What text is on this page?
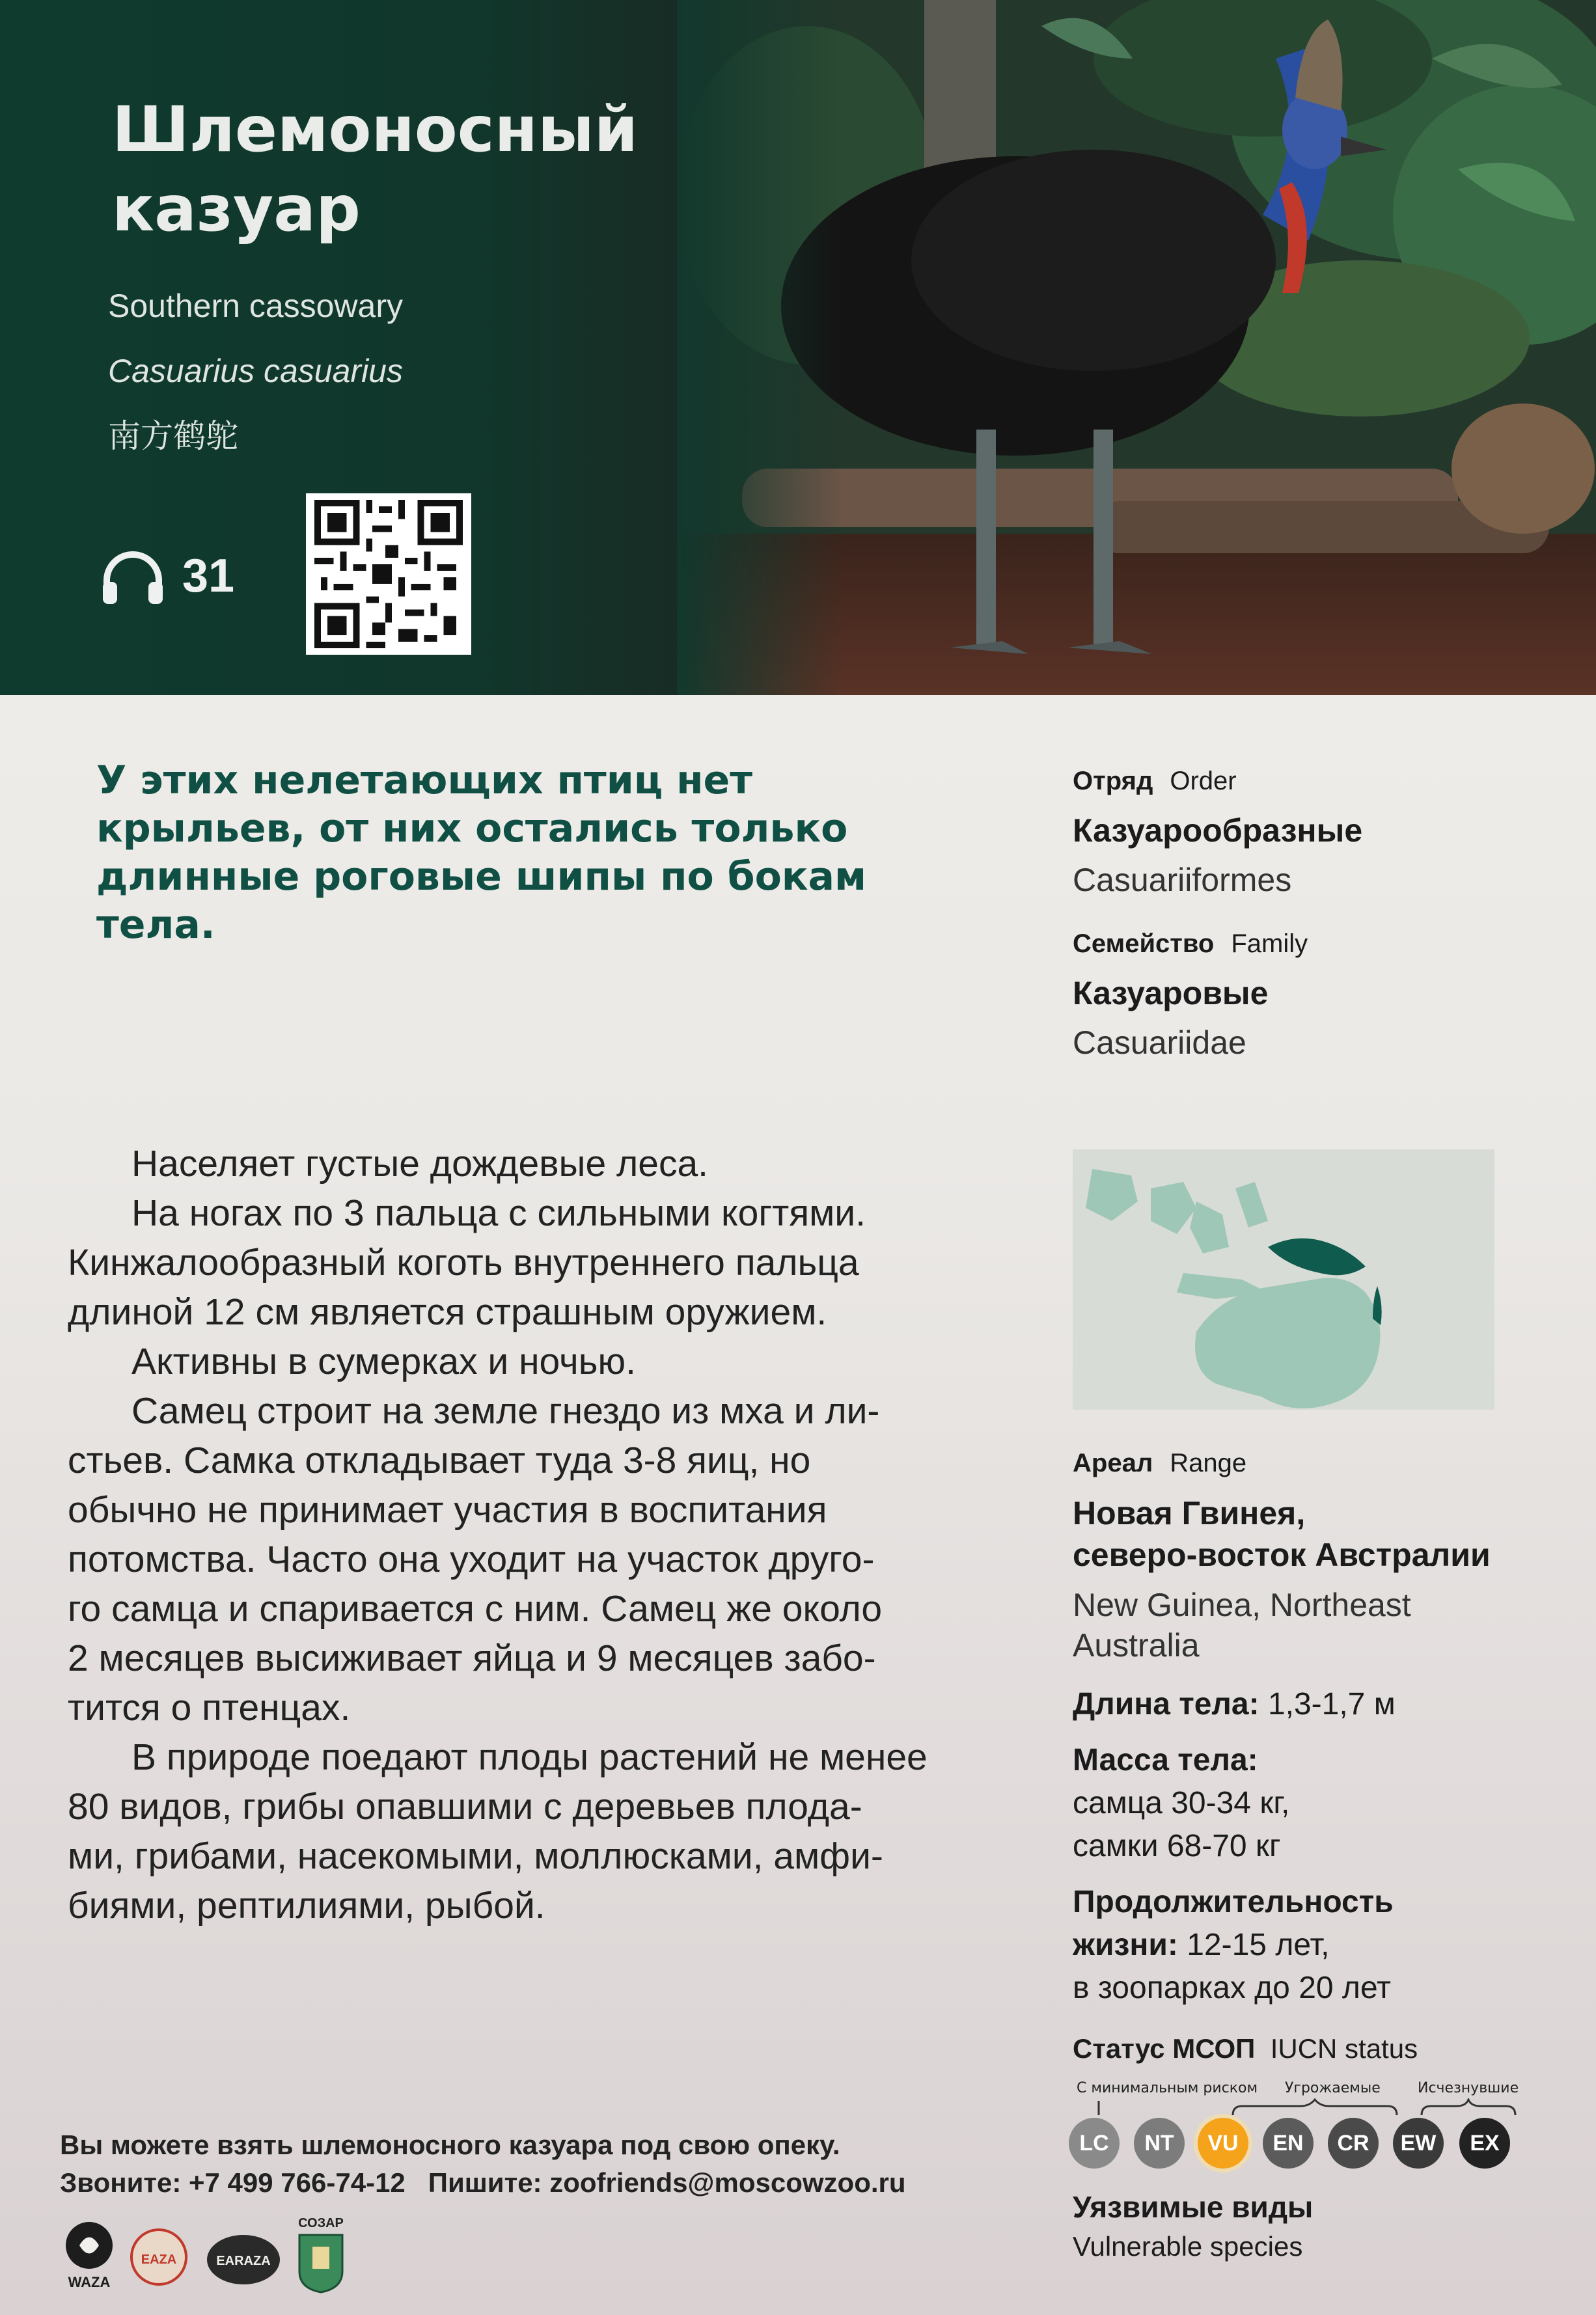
Шлемоносный
казуар
Southern cassowary
Casuarius casuarius
南方鹤鸵
31
У этих нелетающих птиц нет
крыльев, от них остались только
длинные роговые шипы по бокам
тела.
Отряд Order
Казуарообразные
Casuariiformes
Семейство Family
Казуаровые
Casuariidae
Населяет густые дождевые леса.
На ногах по 3 пальца с сильными когтями.
Кинжалообразный коготь внутреннего пальца
длиной 12 см является страшным оружием.
Активны в сумерках и ночью.
Самец строит на земле гнездо из мха и ли-
стьев. Самка откладывает туда 3-8 яиц, но
обычно не принимает участия в воспитания
потомства. Часто она уходит на участок друго-
го самца и спаривается с ним. Самец же около
2 месяцев высиживает яйца и 9 месяцев забо-
тится о птенцах.
В природе поедают плоды растений не менее
80 видов, грибы опавшими с деревьев плода-
ми, грибами, насекомыми, моллюсками, амфи-
биями, рептилиями, рыбой.
Ареал Range
Новая Гвинея,
северо-восток Австралии
New Guinea, Northeast
Australia
Длина тела: 1,3-1,7 м
Масса тела:
самца 30-34 кг,
самки 68-70 кг
Продолжительность
жизни: 12-15 лет,
в зоопарках до 20 лет
Статус МСОП IUCN status
С минимальным риском Угрожаемые	Исчезнувшие
LC	NT	VU	EN	CR	EW	EX
Уязвимые виды
Vulnerable species
Вы можете взять шлемоносного казуара под свою опеку.
Звоните: +7 499 766-74-12   Пишите: zoofriends@moscowzoo.ru
WAZA
EAZA	EARAZA
СОЗАР
